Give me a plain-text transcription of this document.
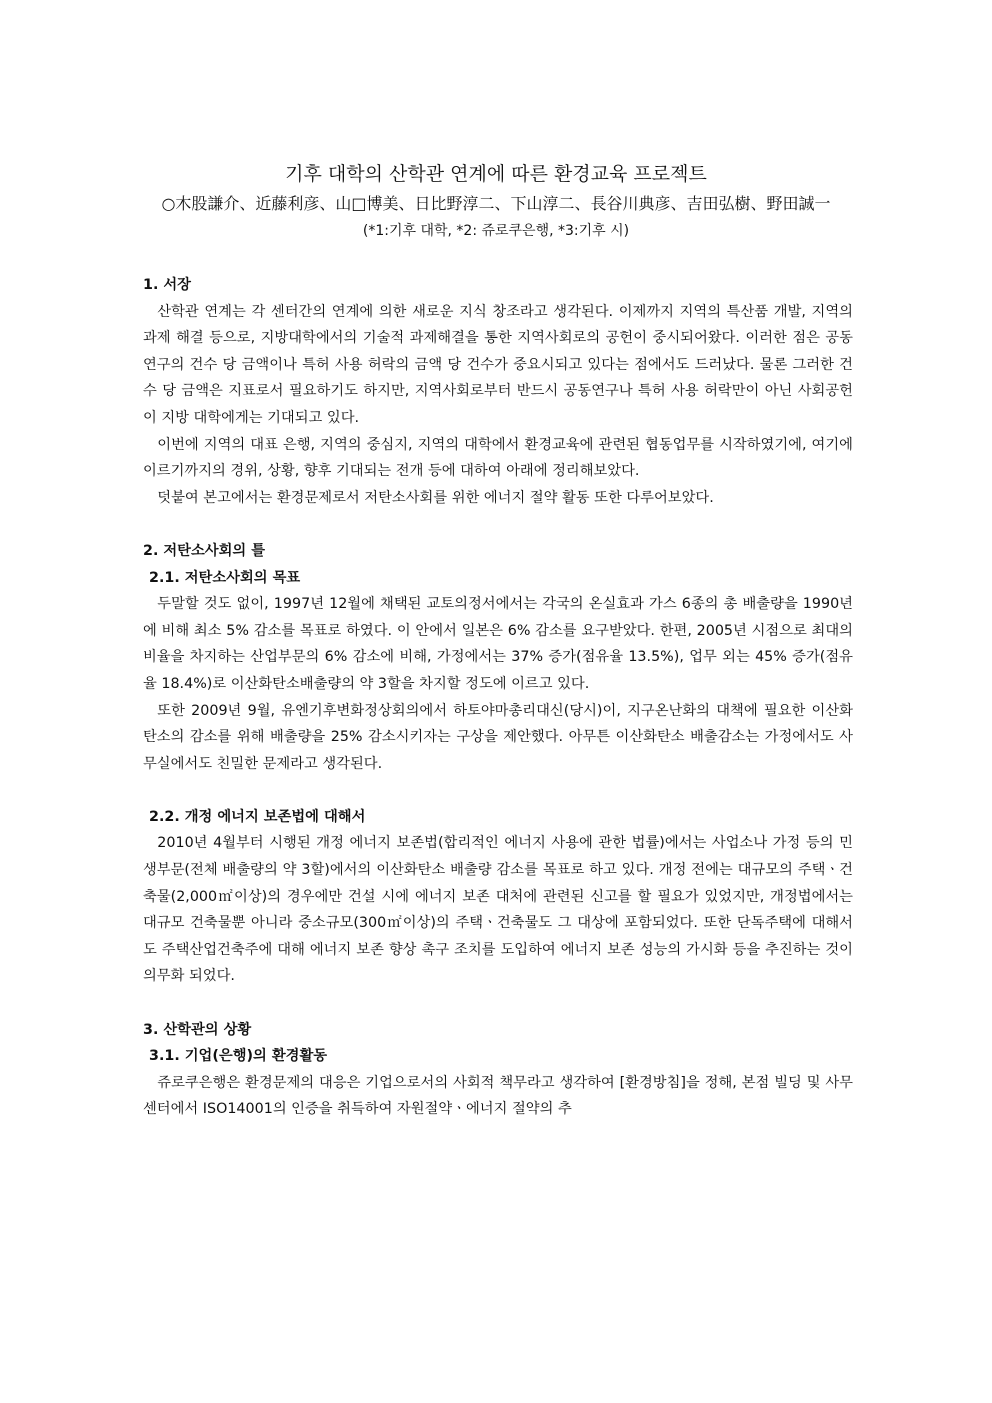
기후 대학의 산학관 연계에 따른 환경교육 프로젝트
○木股謙介、近藤利彦、山□博美、日比野淳二、下山淳二、長谷川典彦、吉田弘樹、野田誠一
(*1:기후 대학, *2: 쥬로쿠은행, *3:기후 시)
1. 서장

산학관 연계는 각 센터간의 연계에 의한 새로운 지식 창조라고 생각된다. 이제까지 지역의 특산품 개발, 지역의 과제 해결 등으로, 지방대학에서의 기술적 과제해결을 통한 지역사회로의 공헌이 중시되어왔다. 이러한 점은 공동연구의 건수 당 금액이나 특허 사용 허락의 금액 당 건수가 중요시되고 있다는 점에서도 드러났다. 물론 그러한 건수 당 금액은 지표로서 필요하기도 하지만, 지역사회로부터 반드시 공동연구나 특허 사용 허락만이 아닌 사회공헌이 지방 대학에게는 기대되고 있다.

이번에 지역의 대표 은행, 지역의 중심지, 지역의 대학에서 환경교육에 관련된 협동업무를 시작하였기에, 여기에 이르기까지의 경위, 상황, 향후 기대되는 전개 등에 대하여 아래에 정리해보았다.

덧붙여 본고에서는 환경문제로서 저탄소사회를 위한 에너지 절약 활동 또한 다루어보았다.

2. 저탄소사회의 틀
2.1. 저탄소사회의 목표

두말할 것도 없이, 1997년 12월에 채택된 교토의정서에서는 각국의 온실효과 가스 6종의 총 배출량을 1990년에 비해 최소 5% 감소를 목표로 하였다. 이 안에서 일본은 6% 감소를 요구받았다. 한편, 2005년 시점으로 최대의 비율을 차지하는 산업부문의 6% 감소에 비해, 가정에서는 37% 증가(점유율 13.5%), 업무 외는 45% 증가(점유율 18.4%)로 이산화탄소배출량의 약 3할을 차지할 정도에 이르고 있다.

또한 2009년 9월, 유엔기후변화정상회의에서 하토야마총리대신(당시)이, 지구온난화의 대책에 필요한 이산화탄소의 감소를 위해 배출량을 25% 감소시키자는 구상을 제안했다. 아무튼 이산화탄소 배출감소는 가정에서도 사무실에서도 친밀한 문제라고 생각된다.

2.2. 개정 에너지 보존법에 대해서

2010년 4월부터 시행된 개정 에너지 보존법(합리적인 에너지 사용에 관한 법률)에서는 사업소나 가정 등의 민생부문(전체 배출량의 약 3할)에서의 이산화탄소 배출량 감소를 목표로 하고 있다. 개정 전에는 대규모의 주택ㆍ건축물(2,000㎡이상)의 경우에만 건설 시에 에너지 보존 대처에 관련된 신고를 할 필요가 있었지만, 개정법에서는 대규모 건축물뿐 아니라 중소규모(300㎡이상)의 주택ㆍ건축물도 그 대상에 포함되었다. 또한 단독주택에 대해서도 주택산업건축주에 대해 에너지 보존 향상 촉구 조치를 도입하여 에너지 보존 성능의 가시화 등을 추진하는 것이 의무화 되었다.

3. 산학관의 상황
3.1. 기업(은행)의 환경활동

쥬로쿠은행은 환경문제의 대응은 기업으로서의 사회적 책무라고 생각하여 [환경방침]을 정해, 본점 빌딩 및 사무센터에서 ISO14001의 인증을 취득하여 자원절약ㆍ에너지 절약의 추
